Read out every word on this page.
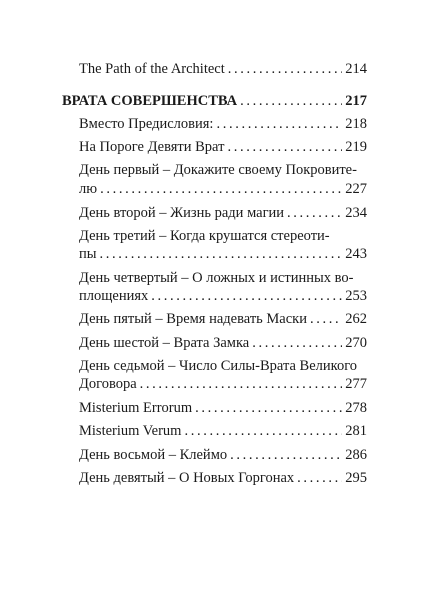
The Path of the Architect . . .	214
ВРАТА СОВЕРШЕНСТВА . . .	217
Вместо Предисловия: . . .	218
На Пороге Девяти Врат . . .	219
День первый – Докажите своему Покровите-
лю . . .	227
День второй – Жизнь ради магии . . .	234
День третий – Когда крушатся стереоти-
пы . . .	243
День четвертый – О ложных и истинных во-
площениях . . .	253
День пятый – Время надевать Маски . . .	262
День шестой – Врата Замка . . .	270
День седьмой – Число Силы-Врата Великого
Договора . . .	277
Misterium Errorum . . .	278
Misterium Verum . . .	281
День восьмой – Клеймо . . .	286
День девятый – О Новых Горгонах . . .	295
